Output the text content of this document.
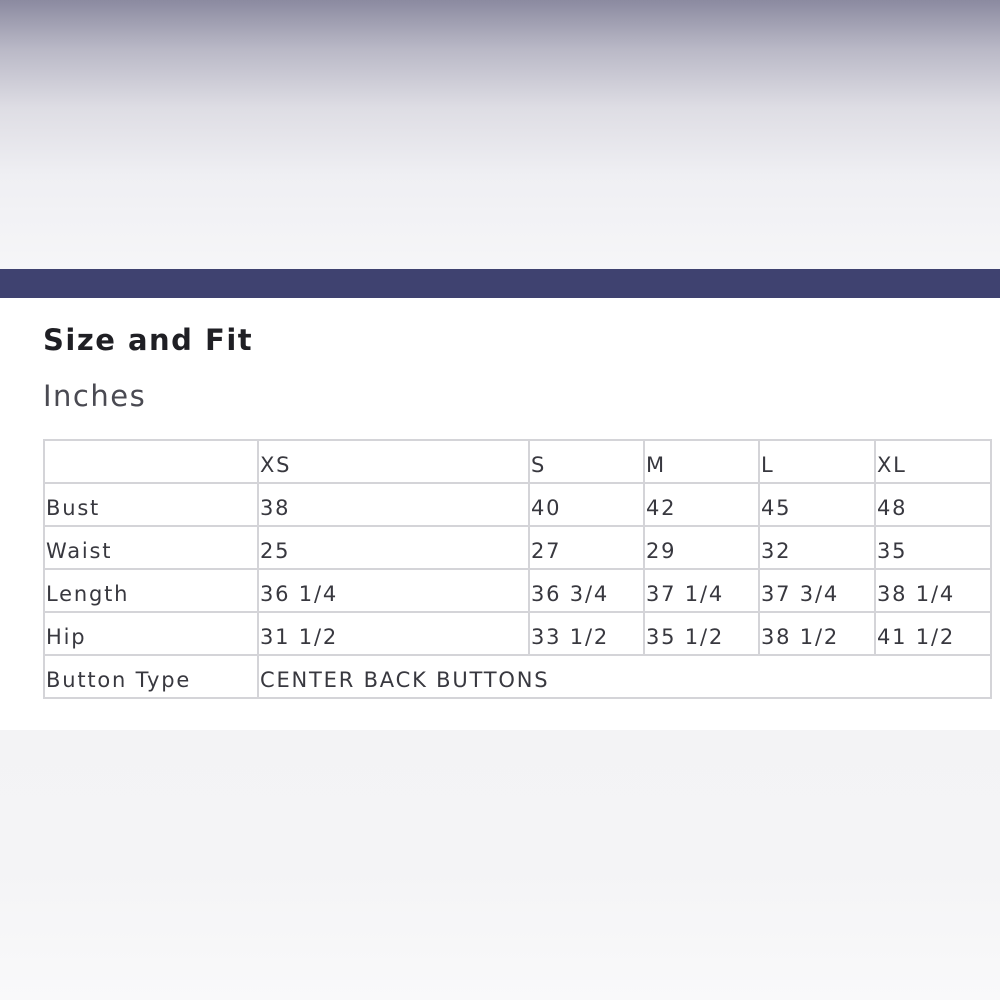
Size and Fit
Inches
	XS	S	M	L	XL
Bust	38	40	42	45	48
Waist	25	27	29	32	35
Length	36 1/4	36 3/4	37 1/4	37 3/4	38 1/4
Hip	31 1/2	33 1/2	35 1/2	38 1/2	41 1/2
Button Type	CENTER BACK BUTTONS				
